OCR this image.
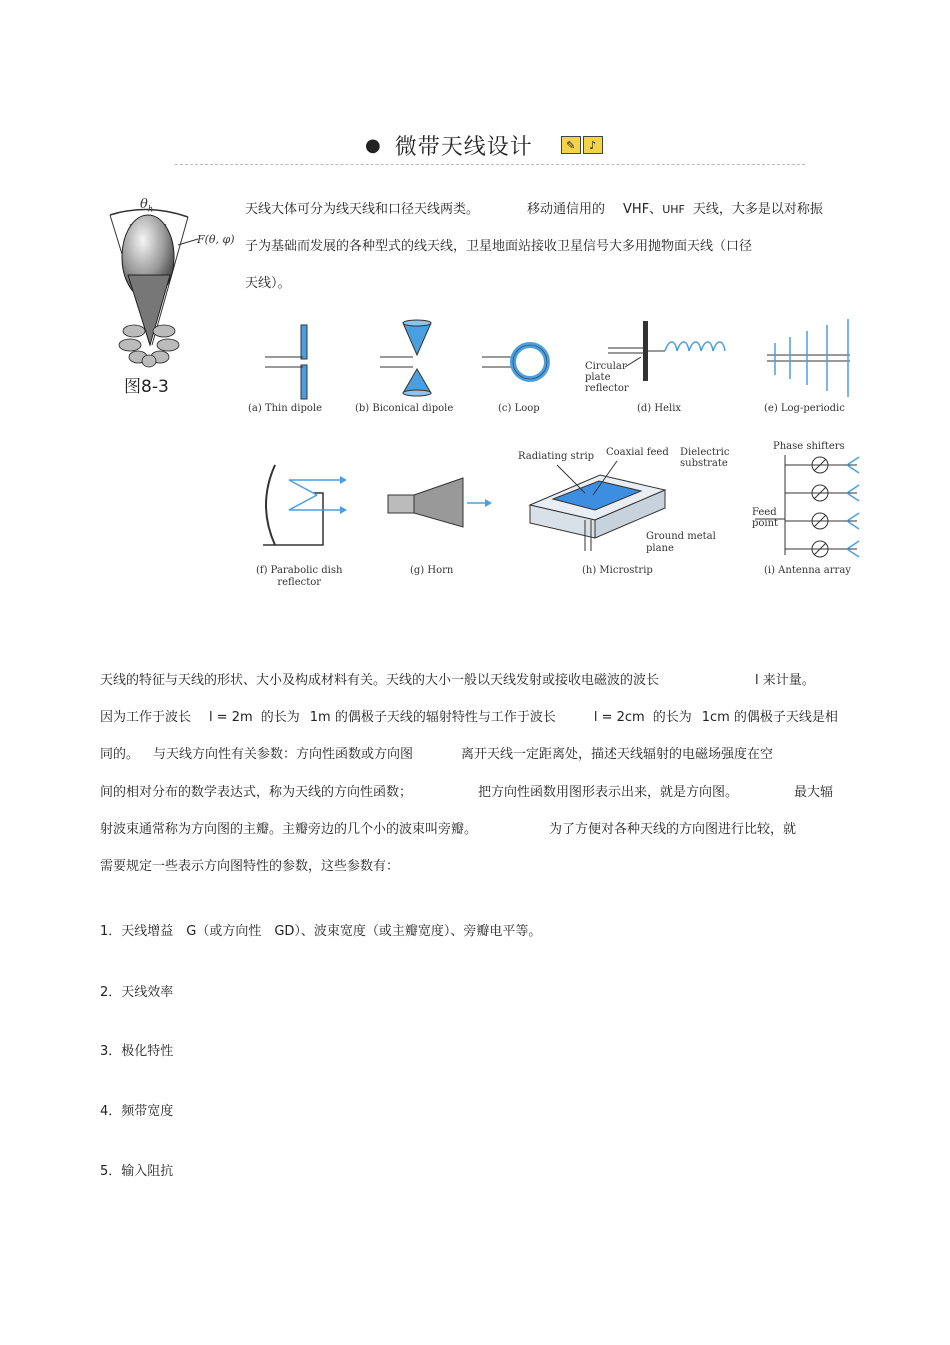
● 微带天线设计	✎	♪
$\theta_h$
F(θ, φ)
图8-3
天线大体可分为线天线和口径天线两类。	移动通信用的 VHF、UHF 天线，大多是以对称振
子为基础而发展的各种型式的线天线，卫星地面站接收卫星信号大多用抛物面天线（口径
天线）。
(a) Thin dipole	(b) Biconical dipole	(c) Loop	(d) Helix
Circular
plate
reflector
(e) Log-periodic
(f) Parabolic dish
reflector
(g) Horn	(h) Microstrip
Radiating strip Coaxial feed Dielectric
substrate
Ground metal
plane
(i) Antenna array
Phase shifters
Feed
point
天线的特征与天线的形状、大小及构成材料有关。天线的大小一般以天线发射或接收电磁波的波长	l 来计量。
因为工作于波长 l = 2m 的长为 1m 的偶极子天线的辐射特性与工作于波长	l = 2cm 的长为 1cm 的偶极子天线是相
同的。 与天线方向性有关参数：方向性函数或方向图	离开天线一定距离处，描述天线辐射的电磁场强度在空
间的相对分布的数学表达式，称为天线的方向性函数；	把方向性函数用图形表示出来，就是方向图。	最大辐
射波束通常称为方向图的主瓣。主瓣旁边的几个小的波束叫旁瓣。	为了方便对各种天线的方向图进行比较，就
需要规定一些表示方向图特性的参数，这些参数有：
1．天线增益　G（或方向性　GD）、波束宽度（或主瓣宽度）、旁瓣电平等。
2．天线效率
3．极化特性
4．频带宽度
5．输入阻抗
